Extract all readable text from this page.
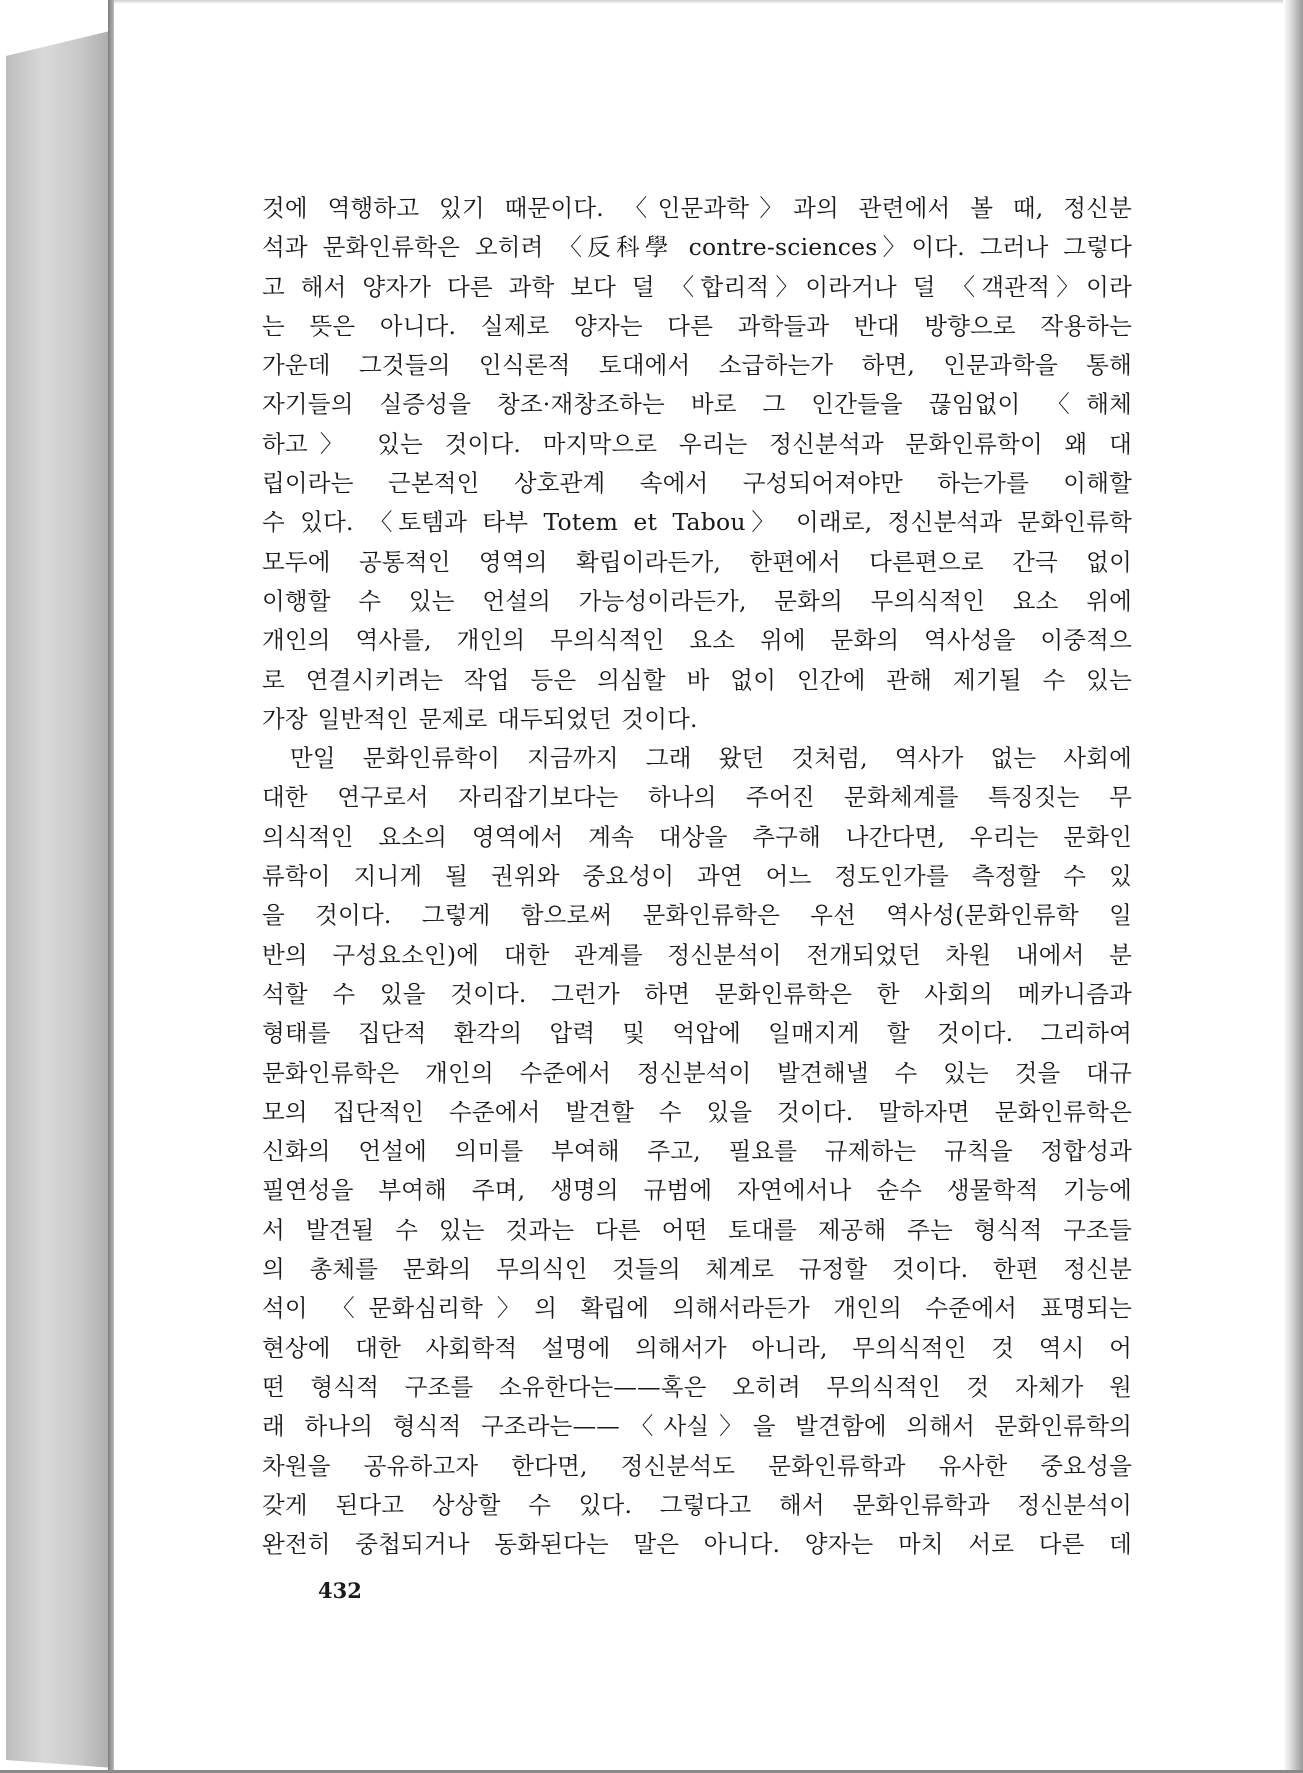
것에 역행하고 있기 때문이다. 〈인문과학〉과의 관련에서 볼 때, 정신분
석과 문화인류학은 오히려 〈反科學 contre-sciences〉이다. 그러나 그렇다
고 해서 양자가 다른 과학 보다 덜 〈합리적〉이라거나 덜 〈객관적〉이라
는 뜻은 아니다. 실제로 양자는 다른 과학들과 반대 방향으로 작용하는
가운데 그것들의 인식론적 토대에서 소급하는가 하면, 인문과학을 통해
자기들의 실증성을 창조·재창조하는 바로 그 인간들을 끊임없이 〈해체
하고〉 있는 것이다. 마지막으로 우리는 정신분석과 문화인류학이 왜 대
립이라는 근본적인 상호관계 속에서 구성되어져야만 하는가를 이해할
수 있다. 〈토템과 타부 Totem et Tabou〉 이래로, 정신분석과 문화인류학
모두에 공통적인 영역의 확립이라든가, 한편에서 다른편으로 간극 없이
이행할 수 있는 언설의 가능성이라든가, 문화의 무의식적인 요소 위에
개인의 역사를, 개인의 무의식적인 요소 위에 문화의 역사성을 이중적으
로 연결시키려는 작업 등은 의심할 바 없이 인간에 관해 제기될 수 있는
가장 일반적인 문제로 대두되었던 것이다.
만일 문화인류학이 지금까지 그래 왔던 것처럼, 역사가 없는 사회에
대한 연구로서 자리잡기보다는 하나의 주어진 문화체계를 특징짓는 무
의식적인 요소의 영역에서 계속 대상을 추구해 나간다면, 우리는 문화인
류학이 지니게 될 권위와 중요성이 과연 어느 정도인가를 측정할 수 있
을 것이다. 그렇게 함으로써 문화인류학은 우선 역사성(문화인류학 일
반의 구성요소인)에 대한 관계를 정신분석이 전개되었던 차원 내에서 분
석할 수 있을 것이다. 그런가 하면 문화인류학은 한 사회의 메카니즘과
형태를 집단적 환각의 압력 및 억압에 일매지게 할 것이다. 그리하여
문화인류학은 개인의 수준에서 정신분석이 발견해낼 수 있는 것을 대규
모의 집단적인 수준에서 발견할 수 있을 것이다. 말하자면 문화인류학은
신화의 언설에 의미를 부여해 주고, 필요를 규제하는 규칙을 정합성과
필연성을 부여해 주며, 생명의 규범에 자연에서나 순수 생물학적 기능에
서 발견될 수 있는 것과는 다른 어떤 토대를 제공해 주는 형식적 구조들
의 총체를 문화의 무의식인 것들의 체계로 규정할 것이다. 한편 정신분
석이 〈문화심리학〉의 확립에 의해서라든가 개인의 수준에서 표명되는
현상에 대한 사회학적 설명에 의해서가 아니라, 무의식적인 것 역시 어
떤 형식적 구조를 소유한다는——혹은 오히려 무의식적인 것 자체가 원
래 하나의 형식적 구조라는——〈사실〉을 발견함에 의해서 문화인류학의
차원을 공유하고자 한다면, 정신분석도 문화인류학과 유사한 중요성을
갖게 된다고 상상할 수 있다. 그렇다고 해서 문화인류학과 정신분석이
완전히 중첩되거나 동화된다는 말은 아니다. 양자는 마치 서로 다른 데
432
